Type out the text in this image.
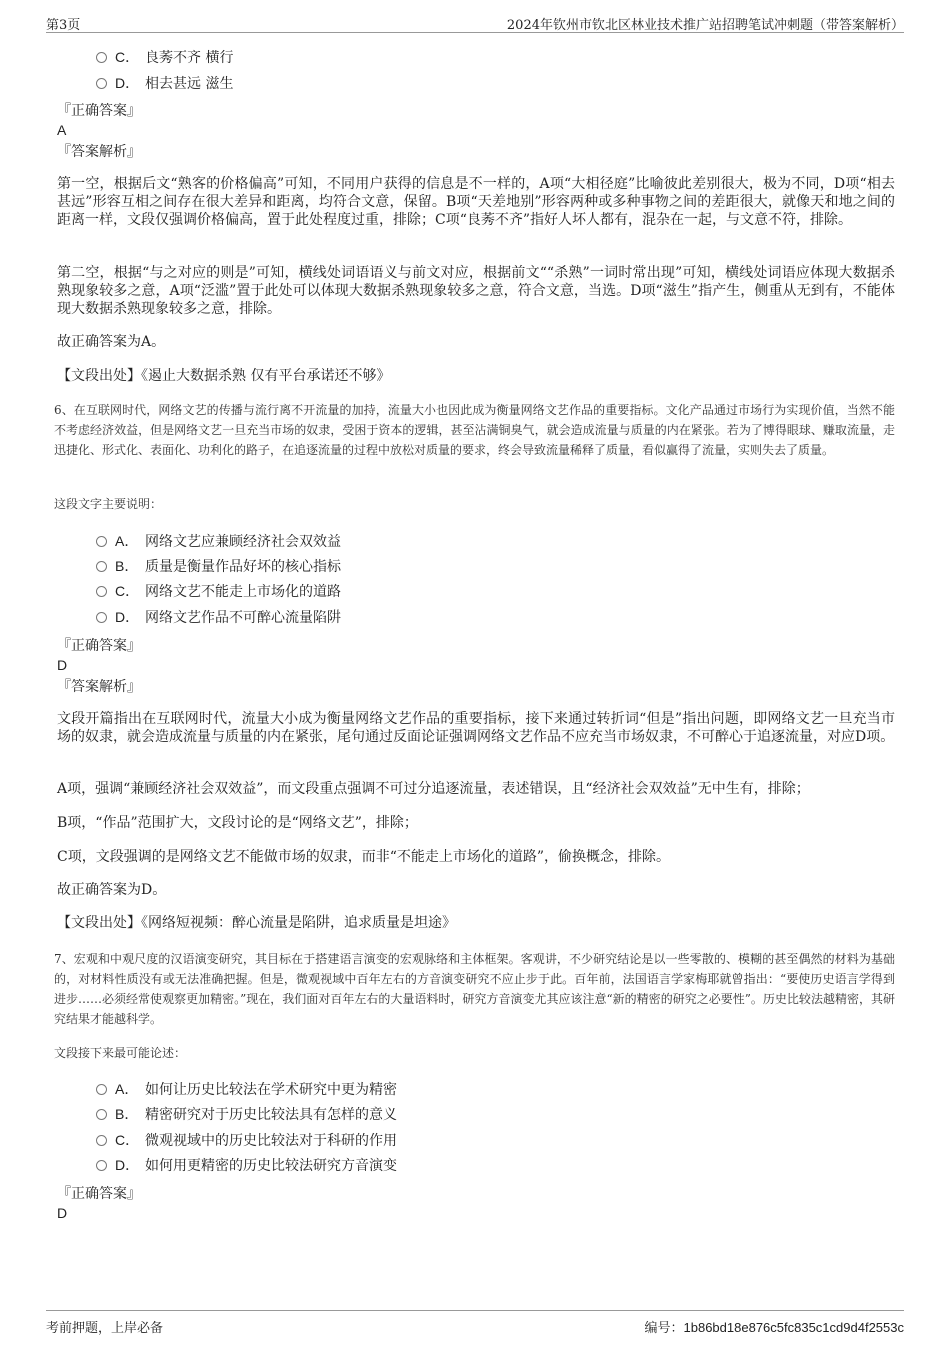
第3页	2024年钦州市钦北区林业技术推广站招聘笔试冲刺题（带答案解析）
C． 良莠不齐 横行
D． 相去甚远 滋生
『正确答案』
A
『答案解析』
第一空，根据后文“熟客的价格偏高”可知，不同用户获得的信息是不一样的，A项“大相径庭”比喻彼此差别很大，极为不同，D项“相去甚远”形容互相之间存在很大差异和距离，均符合文意，保留。B项“天差地别”形容两种或多种事物之间的差距很大，就像天和地之间的距离一样，文段仅强调价格偏高，置于此处程度过重，排除；C项“良莠不齐”指好人坏人都有，混杂在一起，与文意不符，排除。
第二空，根据“与之对应的则是”可知，横线处词语语义与前文对应，根据前文““杀熟”一词时常出现”可知，横线处词语应体现大数据杀熟现象较多之意，A项“泛滥”置于此处可以体现大数据杀熟现象较多之意，符合文意，当选。D项“滋生”指产生，侧重从无到有，不能体现大数据杀熟现象较多之意，排除。
故正确答案为A。
【文段出处】《遏止大数据杀熟 仅有平台承诺还不够》
6、在互联网时代，网络文艺的传播与流行离不开流量的加持，流量大小也因此成为衡量网络文艺作品的重要指标。文化产品通过市场行为实现价值，当然不能不考虑经济效益，但是网络文艺一旦充当市场的奴隶，受困于资本的逻辑，甚至沾满铜臭气，就会造成流量与质量的内在紧张。若为了博得眼球、赚取流量，走迅捷化、形式化、表面化、功利化的路子，在追逐流量的过程中放松对质量的要求，终会导致流量稀释了质量，看似赢得了流量，实则失去了质量。
这段文字主要说明：
A． 网络文艺应兼顾经济社会双效益
B． 质量是衡量作品好坏的核心指标
C． 网络文艺不能走上市场化的道路
D． 网络文艺作品不可醉心流量陷阱
『正确答案』
D
『答案解析』
文段开篇指出在互联网时代，流量大小成为衡量网络文艺作品的重要指标，接下来通过转折词“但是”指出问题，即网络文艺一旦充当市场的奴隶，就会造成流量与质量的内在紧张，尾句通过反面论证强调网络文艺作品不应充当市场奴隶，不可醉心于追逐流量，对应D项。
A项，强调“兼顾经济社会双效益”，而文段重点强调不可过分追逐流量，表述错误，且“经济社会双效益”无中生有，排除；
B项，“作品”范围扩大，文段讨论的是“网络文艺”，排除；
C项，文段强调的是网络文艺不能做市场的奴隶，而非“不能走上市场化的道路”，偷换概念，排除。
故正确答案为D。
【文段出处】《网络短视频：醉心流量是陷阱，追求质量是坦途》
7、宏观和中观尺度的汉语演变研究，其目标在于搭建语言演变的宏观脉络和主体框架。客观讲，不少研究结论是以一些零散的、模糊的甚至偶然的材料为基础的，对材料性质没有或无法准确把握。但是，微观视域中百年左右的方音演变研究不应止步于此。百年前，法国语言学家梅耶就曾指出：“要使历史语言学得到进步……必须经常使观察更加精密。”现在，我们面对百年左右的大量语料时，研究方音演变尤其应该注意“新的精密的研究之必要性”。历史比较法越精密，其研究结果才能越科学。
文段接下来最可能论述：
A． 如何让历史比较法在学术研究中更为精密
B． 精密研究对于历史比较法具有怎样的意义
C． 微观视域中的历史比较法对于科研的作用
D． 如何用更精密的历史比较法研究方音演变
『正确答案』
D
考前押题，上岸必备	编号：1b86bd18e876c5fc835c1cd9d4f2553c
